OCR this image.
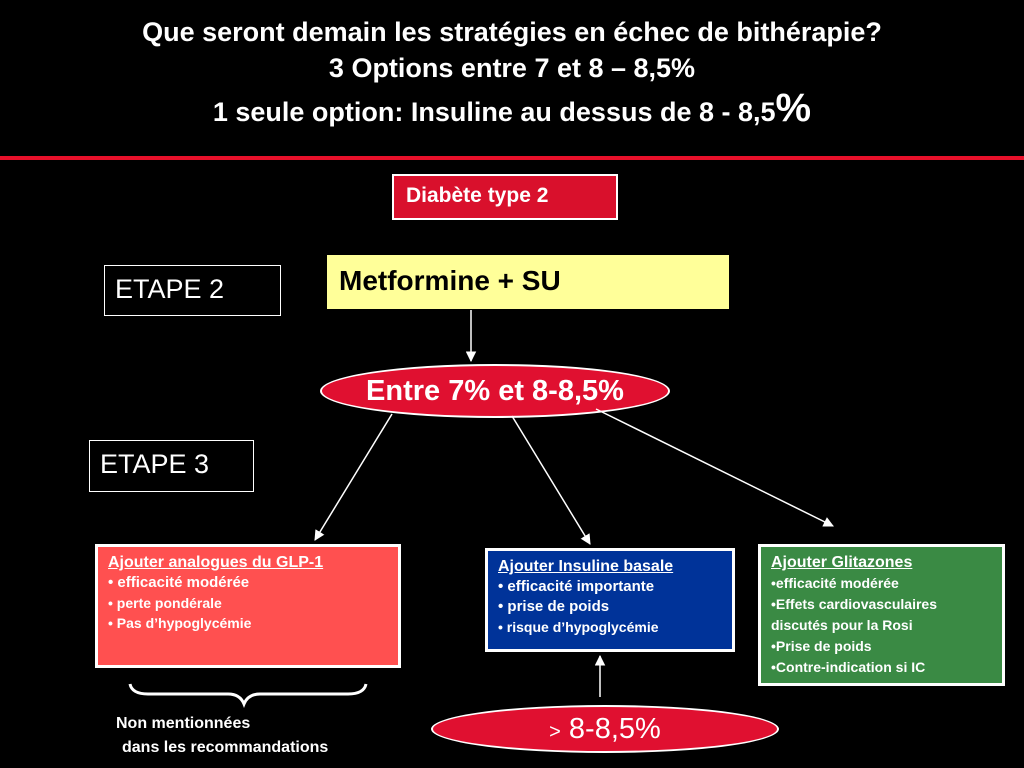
Que seront demain les stratégies en échec de bithérapie?
3 Options entre 7 et 8 – 8,5%
1 seule option: Insuline au dessus de 8 - 8,5%
Diabète type 2
ETAPE 2	Metformine + SU
Entre 7% et 8-8,5%
ETAPE 3
Ajouter analogues du GLP-1
• efficacité modérée
• perte pondérale
• Pas d’hypoglycémie
Ajouter Insuline basale
• efficacité importante
• prise de poids
• risque d’hypoglycémie
Ajouter Glitazones
•efficacité modérée
•Effets cardiovasculaires discutés pour la Rosi
•Prise de poids
•Contre-indication si IC
> 8-8,5%
Non mentionnées
dans les recommandations
